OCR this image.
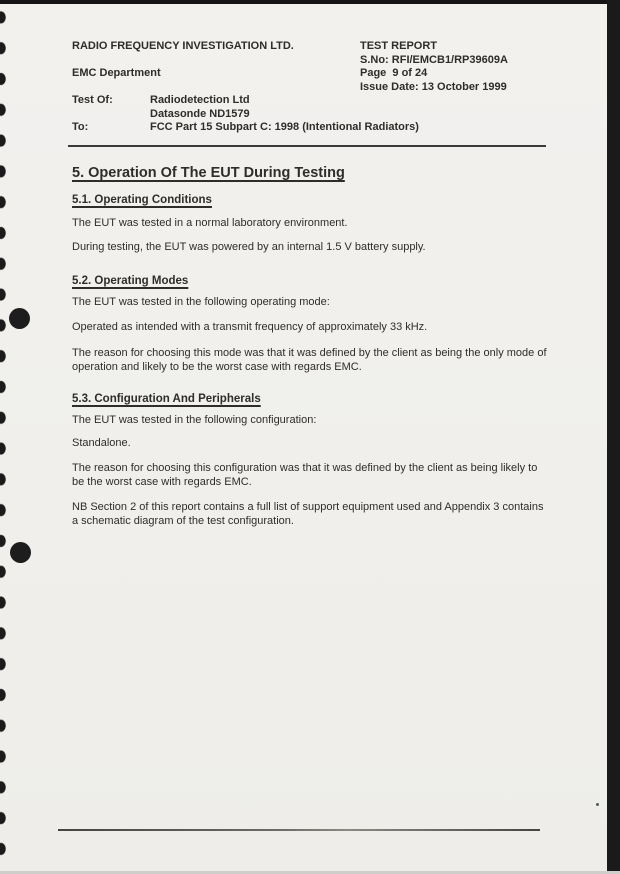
RADIO FREQUENCY INVESTIGATION LTD.
EMC Department
TEST REPORT
S.No: RFI/EMCB1/RP39609A
Page  9 of 24
Issue Date: 13 October 1999
Test Of:	Radiodetection Ltd
Datasonde ND1579
To:	FCC Part 15 Subpart C: 1998 (Intentional Radiators)
5. Operation Of The EUT During Testing
5.1. Operating Conditions
The EUT was tested in a normal laboratory environment.
During testing, the EUT was powered by an internal 1.5 V battery supply.
5.2. Operating Modes
The EUT was tested in the following operating mode:
Operated as intended with a transmit frequency of approximately 33 kHz.
The reason for choosing this mode was that it was defined by the client as being the only mode of operation and likely to be the worst case with regards EMC.
5.3. Configuration And Peripherals
The EUT was tested in the following configuration:
Standalone.
The reason for choosing this configuration was that it was defined by the client as being likely to be the worst case with regards EMC.
NB Section 2 of this report contains a full list of support equipment used and Appendix 3 contains a schematic diagram of the test configuration.
